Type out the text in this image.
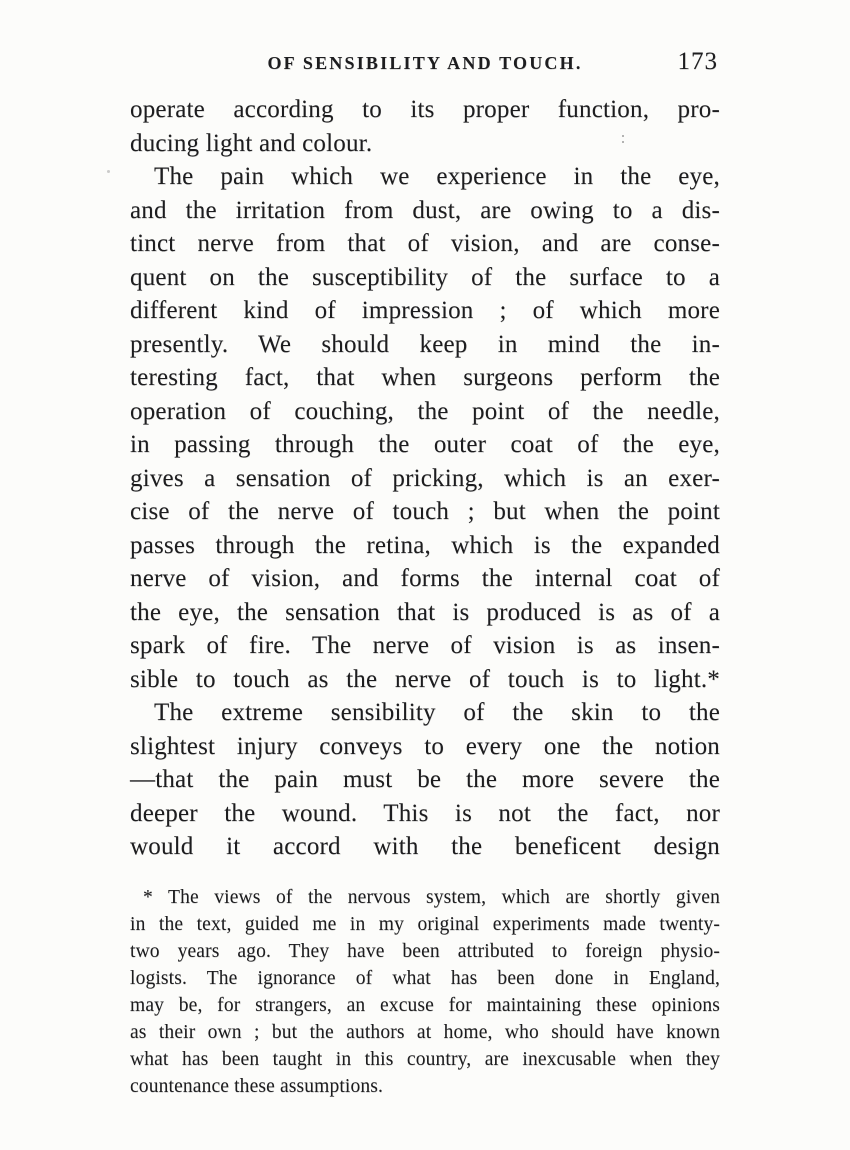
OF SENSIBILITY AND TOUCH.	173
operate according to its proper function, pro-
ducing light and colour.
The pain which we experience in the eye,
and the irritation from dust, are owing to a dis-
tinct nerve from that of vision, and are conse-
quent on the susceptibility of the surface to a
different kind of impression ; of which more
presently. We should keep in mind the in-
teresting fact, that when surgeons perform the
operation of couching, the point of the needle,
in passing through the outer coat of the eye,
gives a sensation of pricking, which is an exer-
cise of the nerve of touch ; but when the point
passes through the retina, which is the expanded
nerve of vision, and forms the internal coat of
the eye, the sensation that is produced is as of a
spark of fire. The nerve of vision is as insen-
sible to touch as the nerve of touch is to light.*
The extreme sensibility of the skin to the
slightest injury conveys to every one the notion
—that the pain must be the more severe the
deeper the wound. This is not the fact, nor
would it accord with the beneficent design
* The views of the nervous system, which are shortly given
in the text, guided me in my original experiments made twenty-
two years ago. They have been attributed to foreign physio-
logists. The ignorance of what has been done in England,
may be, for strangers, an excuse for maintaining these opinions
as their own ; but the authors at home, who should have known
what has been taught in this country, are inexcusable when they
countenance these assumptions.
